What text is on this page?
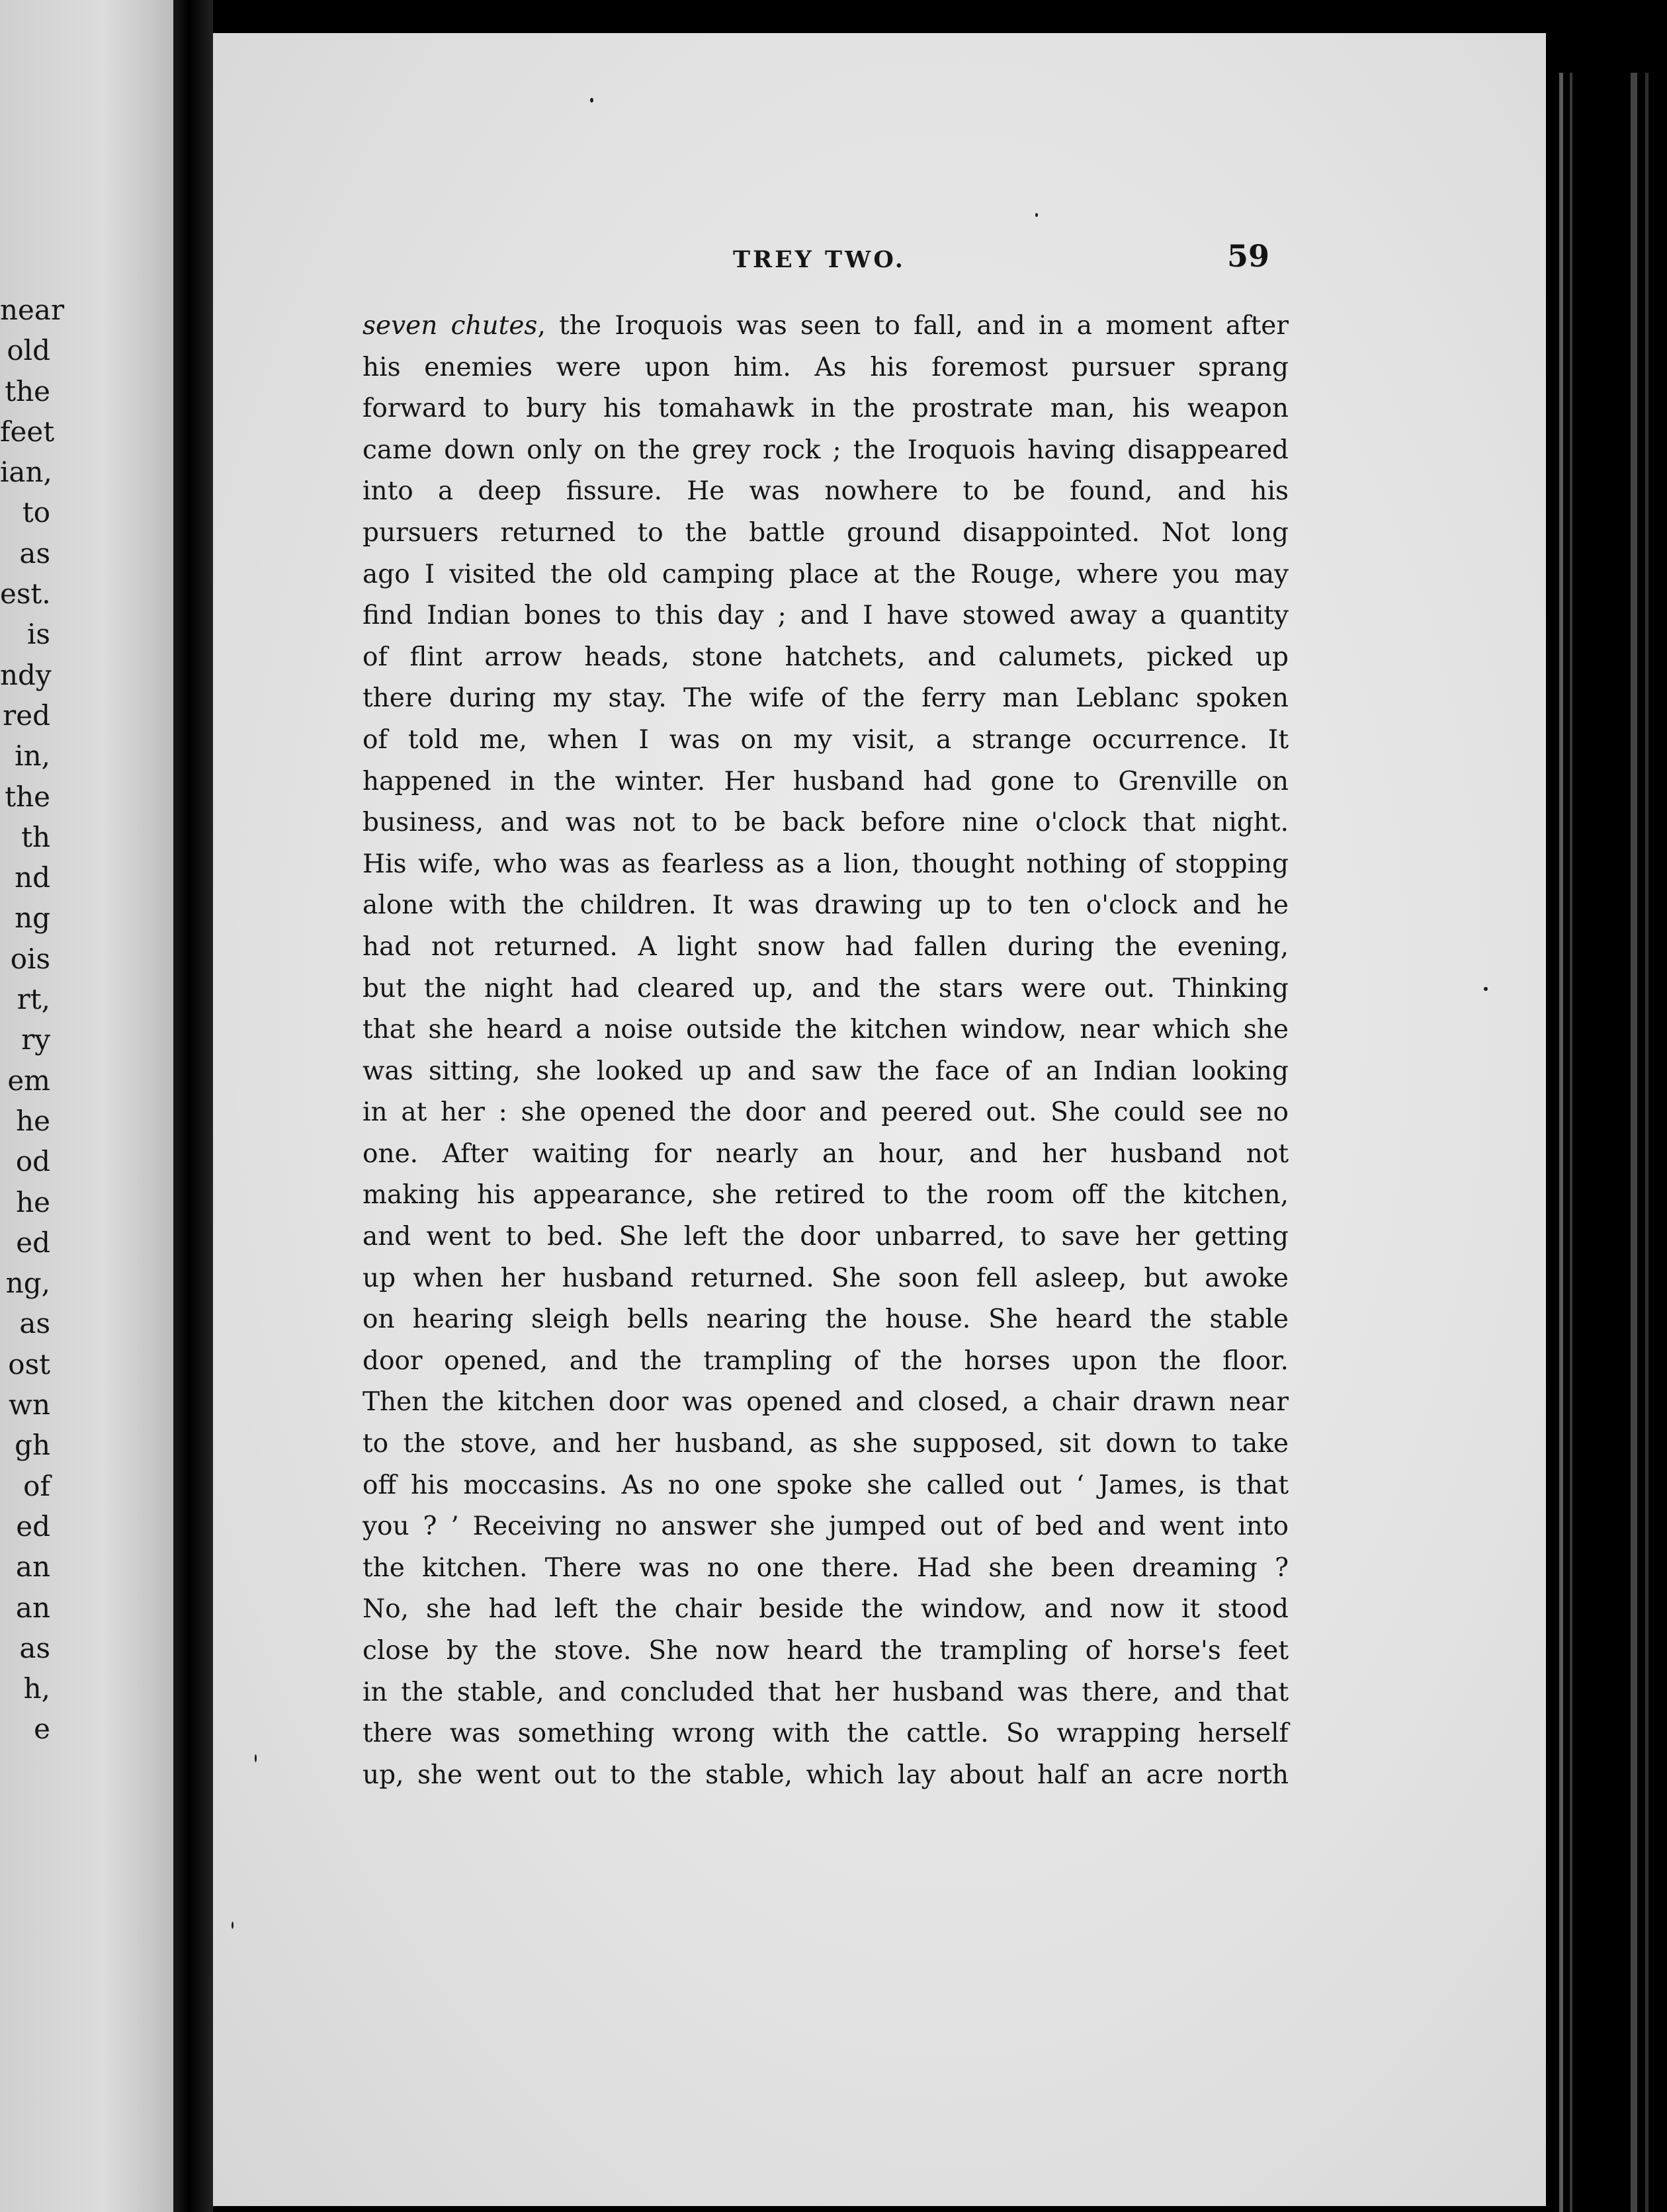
near
old
the
feet
ian,
to
as
est.
is
ndy
red
in,
the
th
nd
ng
ois
rt,
ry
em
he
od
he
ed
ng,
as
ost
wn
gh
of
ed
an
an
as
h,
e
TREY TWO.	59
seven chutes, the Iroquois was seen to fall, and in a moment after
his enemies were upon him. As his foremost pursuer sprang
forward to bury his tomahawk in the prostrate man, his weapon
came down only on the grey rock ; the Iroquois having disappeared
into a deep fissure. He was nowhere to be found, and his
pursuers returned to the battle ground disappointed. Not long
ago I visited the old camping place at the Rouge, where you may
find Indian bones to this day ; and I have stowed away a quantity
of flint arrow heads, stone hatchets, and calumets, picked up
there during my stay. The wife of the ferry man Leblanc spoken
of told me, when I was on my visit, a strange occurrence. It
happened in the winter. Her husband had gone to Grenville on
business, and was not to be back before nine o'clock that night.
His wife, who was as fearless as a lion, thought nothing of stopping
alone with the children. It was drawing up to ten o'clock and he
had not returned. A light snow had fallen during the evening,
but the night had cleared up, and the stars were out. Thinking
that she heard a noise outside the kitchen window, near which she
was sitting, she looked up and saw the face of an Indian looking
in at her : she opened the door and peered out. She could see no
one. After waiting for nearly an hour, and her husband not
making his appearance, she retired to the room off the kitchen,
and went to bed. She left the door unbarred, to save her getting
up when her husband returned. She soon fell asleep, but awoke
on hearing sleigh bells nearing the house. She heard the stable
door opened, and the trampling of the horses upon the floor.
Then the kitchen door was opened and closed, a chair drawn near
to the stove, and her husband, as she supposed, sit down to take
off his moccasins. As no one spoke she called out ‘ James, is that
you ? ’ Receiving no answer she jumped out of bed and went into
the kitchen. There was no one there. Had she been dreaming ?
No, she had left the chair beside the window, and now it stood
close by the stove. She now heard the trampling of horse's feet
in the stable, and concluded that her husband was there, and that
there was something wrong with the cattle. So wrapping herself
up, she went out to the stable, which lay about half an acre north
